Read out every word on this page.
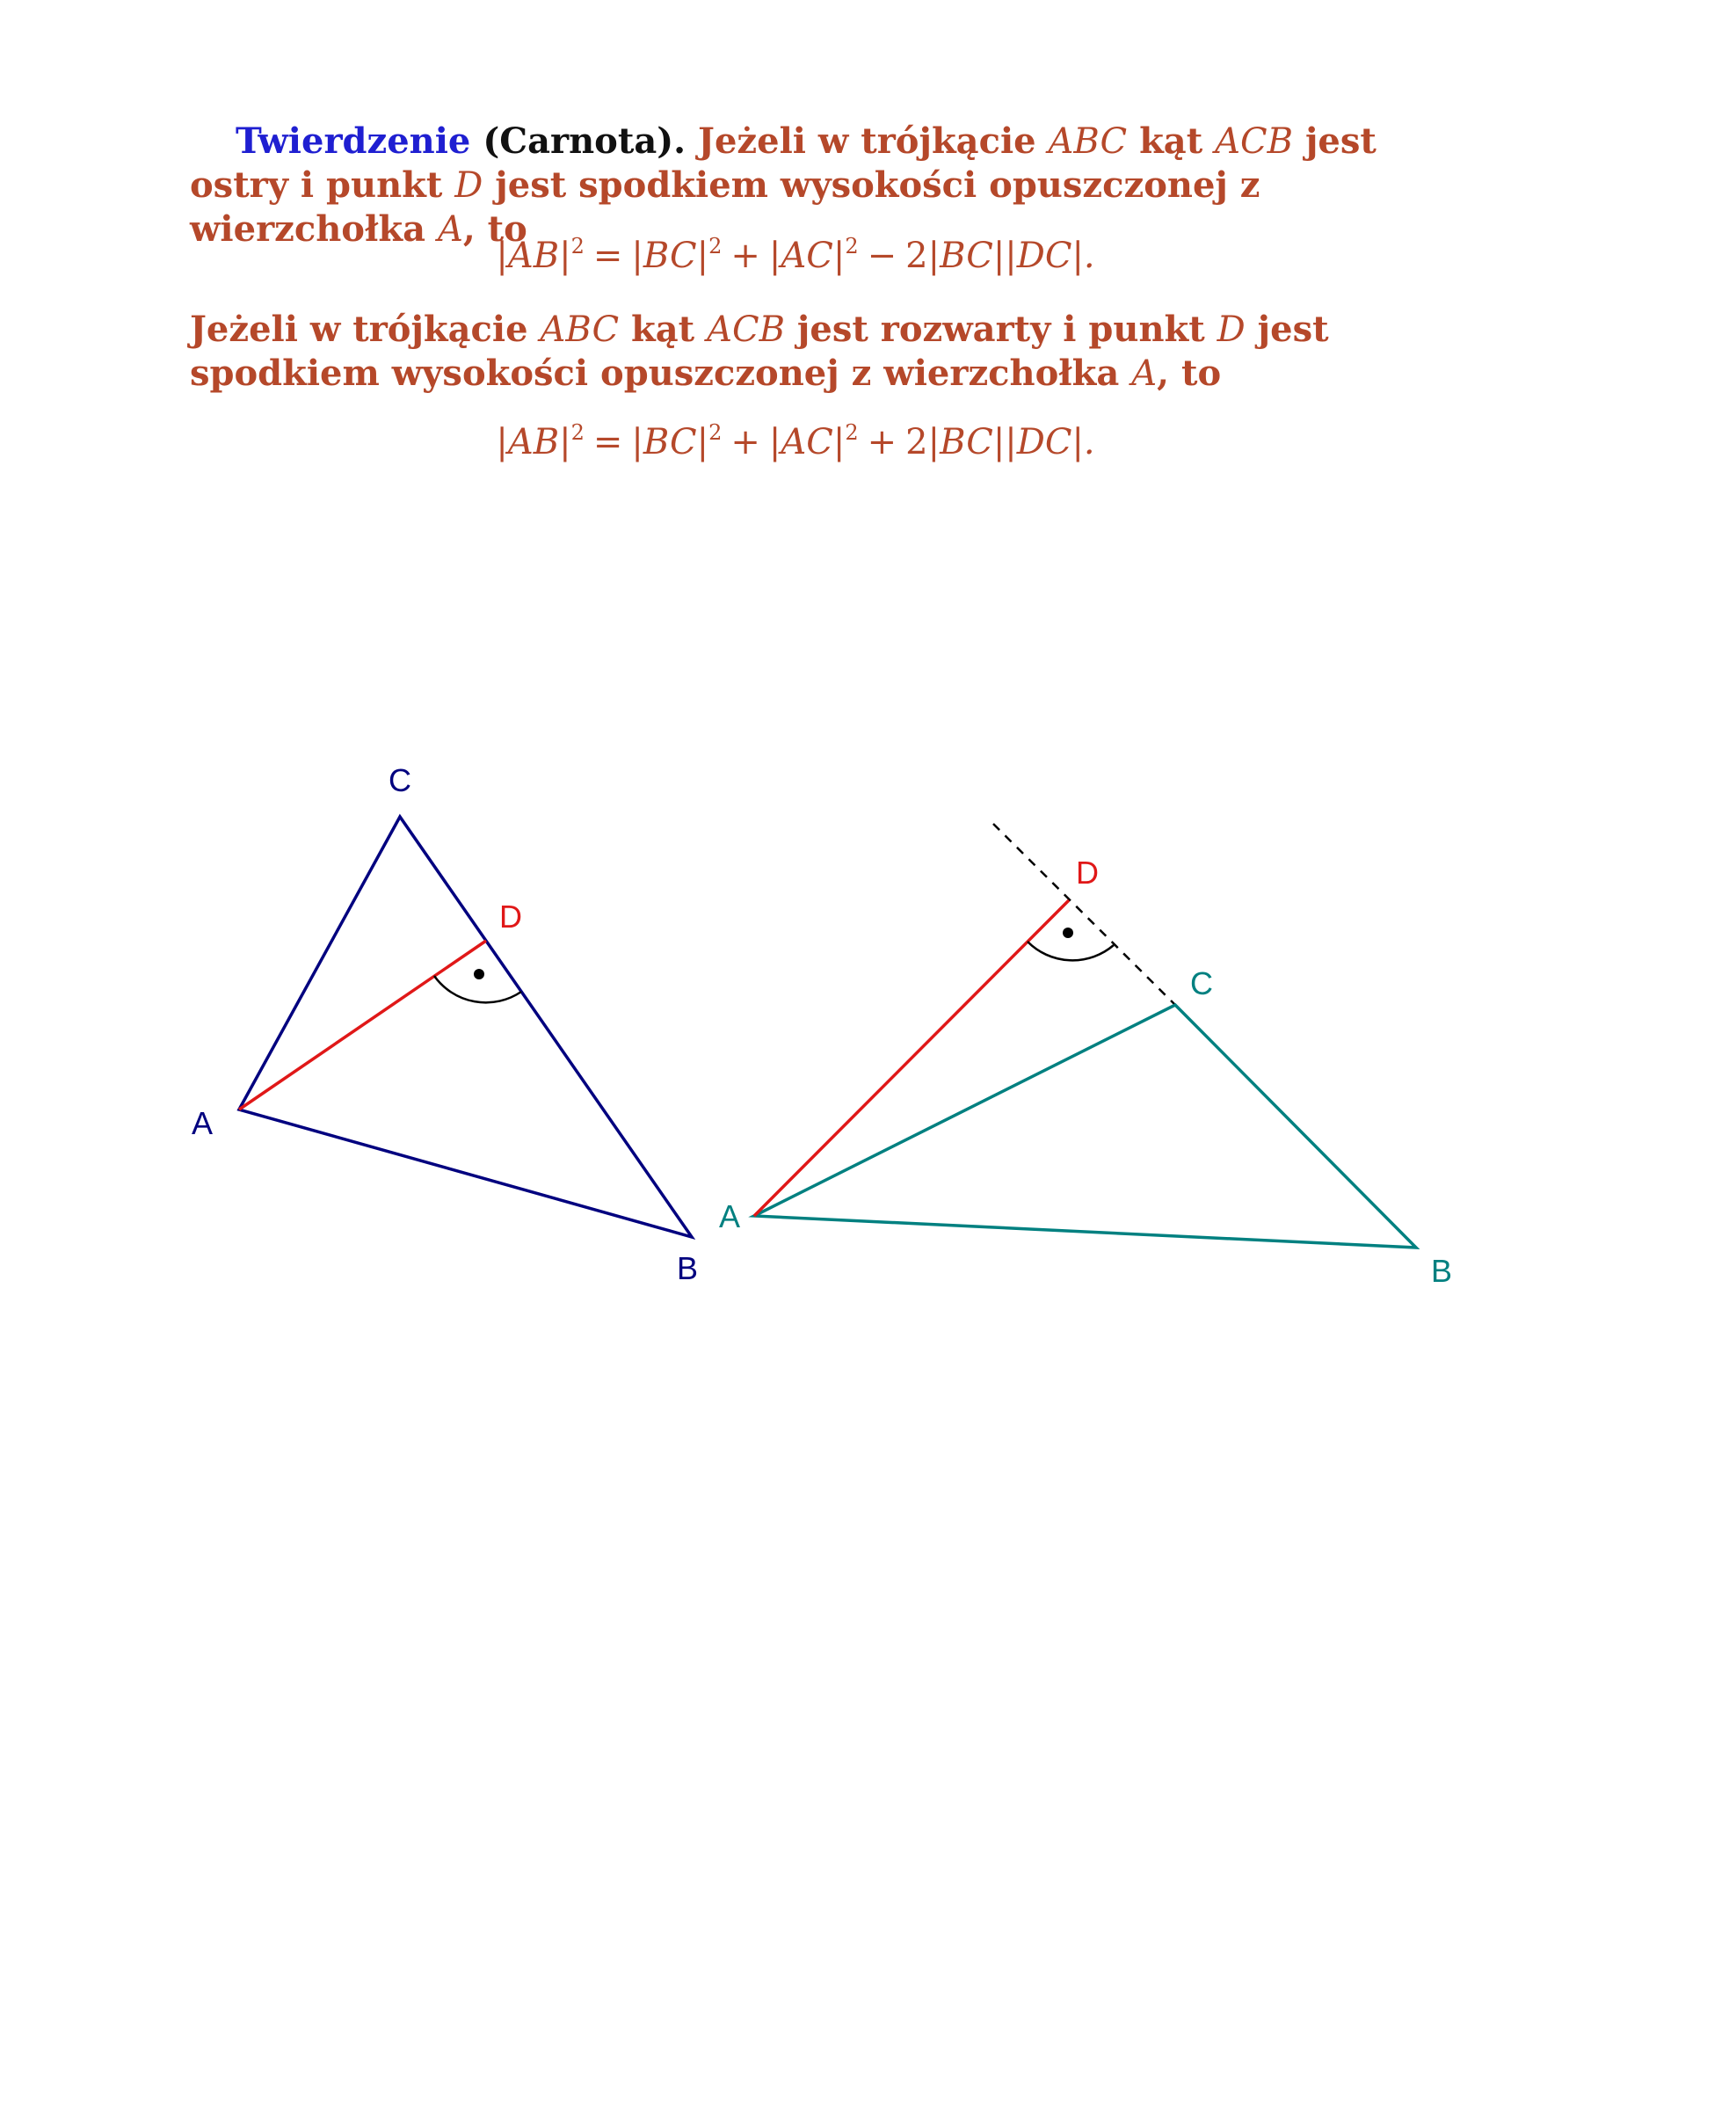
Twierdzenie (Carnota). Jeżeli w trójkącie ABC kąt ACB jest ostry i punkt D jest spodkiem wysokości opuszczonej z wierzchołka A, to
$|AB|^2 = |BC|^2 + |AC|^2 - 2|BC||DC|$.
Jeżeli w trójkącie ABC kąt ACB jest rozwarty i punkt D jest spodkiem wysokości opuszczonej z wierzchołka A, to
$|AB|^2 = |BC|^2 + |AC|^2 + 2|BC||DC|$.
C
D
A
B
D
C
A
B
